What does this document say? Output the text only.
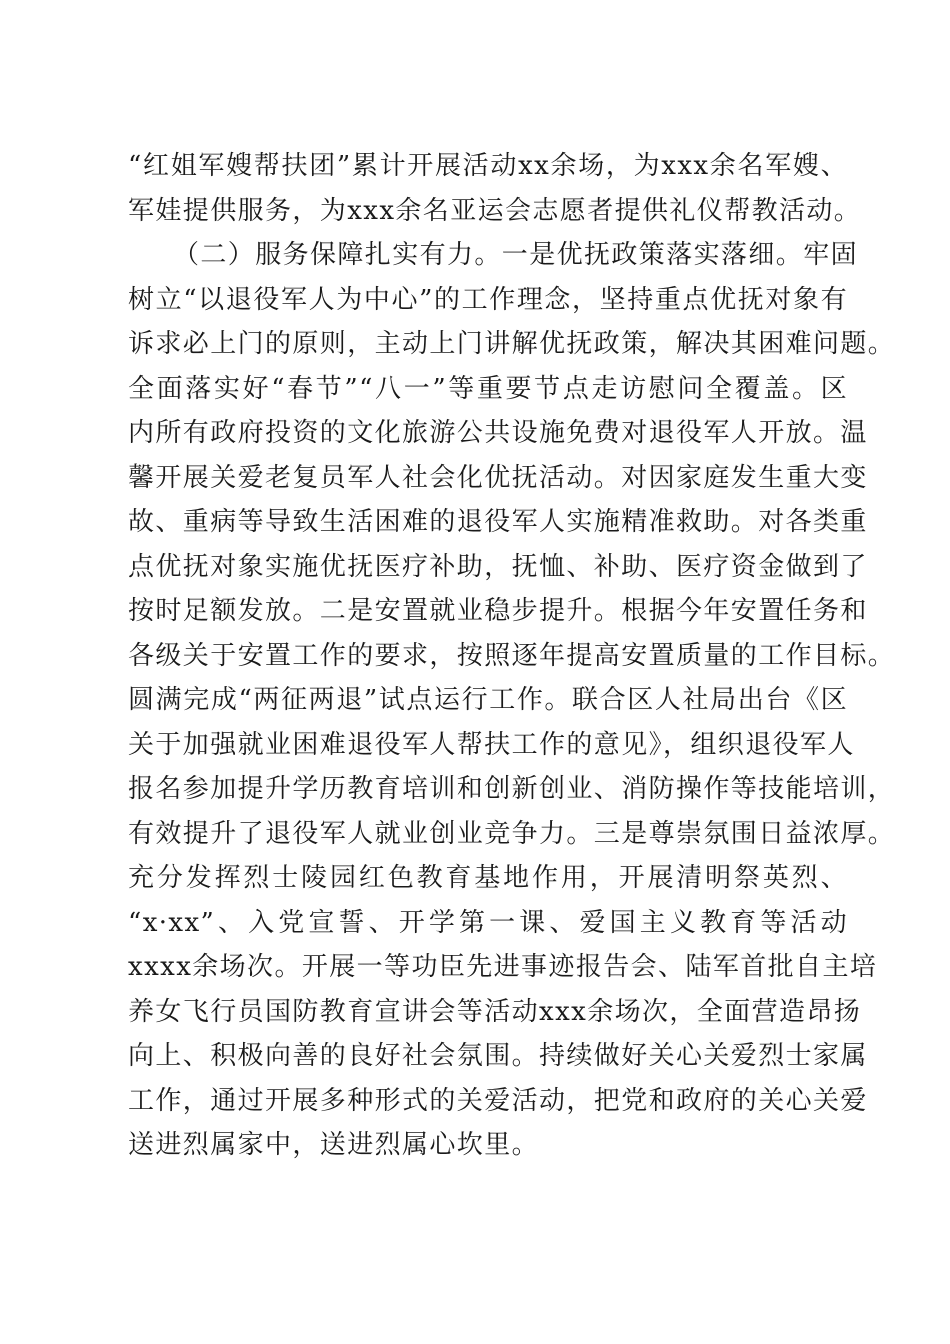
“红姐军嫂帮扶团”累计开展活动xx余场，为xxx余名军嫂、
军娃提供服务，为xxx余名亚运会志愿者提供礼仪帮教活动。
（二）服务保障扎实有力。一是优抚政策落实落细。牢固
树立“以退役军人为中心”的工作理念，坚持重点优抚对象有
诉求必上门的原则，主动上门讲解优抚政策，解决其困难问题。
全面落实好“春节”“八一”等重要节点走访慰问全覆盖。区
内所有政府投资的文化旅游公共设施免费对退役军人开放。温
馨开展关爱老复员军人社会化优抚活动。对因家庭发生重大变
故、重病等导致生活困难的退役军人实施精准救助。对各类重
点优抚对象实施优抚医疗补助，抚恤、补助、医疗资金做到了
按时足额发放。二是安置就业稳步提升。根据今年安置任务和
各级关于安置工作的要求，按照逐年提高安置质量的工作目标。
圆满完成“两征两退”试点运行工作。联合区人社局出台《区
关于加强就业困难退役军人帮扶工作的意见》，组织退役军人
报名参加提升学历教育培训和创新创业、消防操作等技能培训，
有效提升了退役军人就业创业竞争力。三是尊崇氛围日益浓厚。
充分发挥烈士陵园红色教育基地作用，开展清明祭英烈、
“x·xx”、入党宣誓、开学第一课、爱国主义教育等活动
xxxx余场次。开展一等功臣先进事迹报告会、陆军首批自主培
养女飞行员国防教育宣讲会等活动xxx余场次，全面营造昂扬
向上、积极向善的良好社会氛围。持续做好关心关爱烈士家属
工作，通过开展多种形式的关爱活动，把党和政府的关心关爱
送进烈属家中，送进烈属心坎里。
